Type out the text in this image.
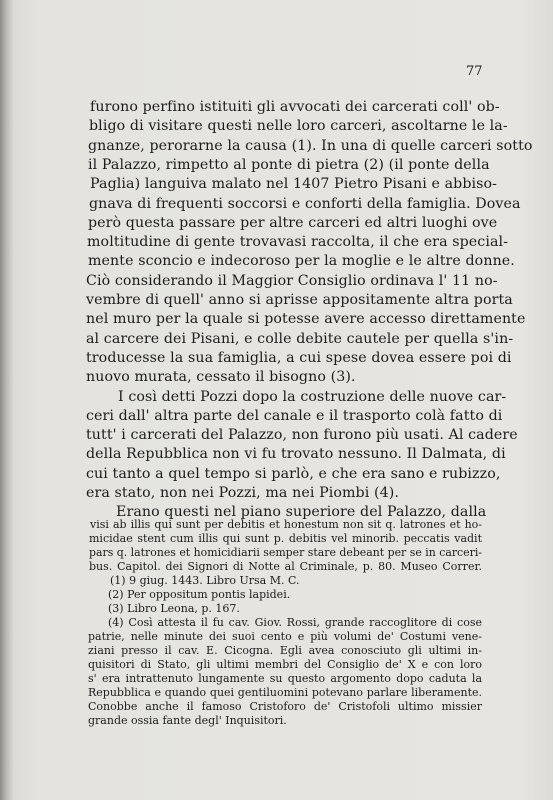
77
furono perfino istituiti gli avvocati dei carcerati coll' ob-
bligo di visitare questi nelle loro carceri, ascoltarne le la-
gnanze, perorarne la causa (1). In una di quelle carceri sotto
il Palazzo, rimpetto al ponte di pietra (2) (il ponte della
Paglia) languiva malato nel 1407 Pietro Pisani e abbiso-
gnava di frequenti soccorsi e conforti della famiglia. Dovea
però questa passare per altre carceri ed altri luoghi ove
moltitudine di gente trovavasi raccolta, il che era special-
mente sconcio e indecoroso per la moglie e le altre donne.
Ciò considerando il Maggior Consiglio ordinava l' 11 no-
vembre di quell' anno si aprisse appositamente altra porta
nel muro per la quale si potesse avere accesso direttamente
al carcere dei Pisani, e colle debite cautele per quella s'in-
troducesse la sua famiglia, a cui spese dovea essere poi di
nuovo murata, cessato il bisogno (3).
I così detti Pozzi dopo la costruzione delle nuove car-
ceri dall' altra parte del canale e il trasporto colà fatto di
tutt' i carcerati del Palazzo, non furono più usati. Al cadere
della Repubblica non vi fu trovato nessuno. Il Dalmata, di
cui tanto a quel tempo si parlò, e che era sano e rubizzo,
era stato, non nei Pozzi, ma nei Piombi (4).
Erano questi nel piano superiore del Palazzo, dalla
visi ab illis qui sunt per debitis et honestum non sit q. latrones et ho-
micidae stent cum illis qui sunt p. debitis vel minorib. peccatis vadit
pars q. latrones et homicidiarii semper stare debeant per se in carceri-
bus. Capitol. dei Signori di Notte al Criminale, p. 80. Museo Correr.
(1) 9 giug. 1443. Libro Ursa M. C.
(2) Per oppositum pontis lapidei.
(3) Libro Leona, p. 167.
(4) Così attesta il fu cav. Giov. Rossi, grande raccoglitore di cose
patrie, nelle minute dei suoi cento e più volumi de' Costumi vene-
ziani presso il cav. E. Cicogna. Egli avea conosciuto gli ultimi in-
quisitori di Stato, gli ultimi membri del Consiglio de' X e con loro
s' era intrattenuto lungamente su questo argomento dopo caduta la
Repubblica e quando quei gentiluomini potevano parlare liberamente.
Conobbe anche il famoso Cristoforo de' Cristofoli ultimo missier
grande ossia fante degl' Inquisitori.
